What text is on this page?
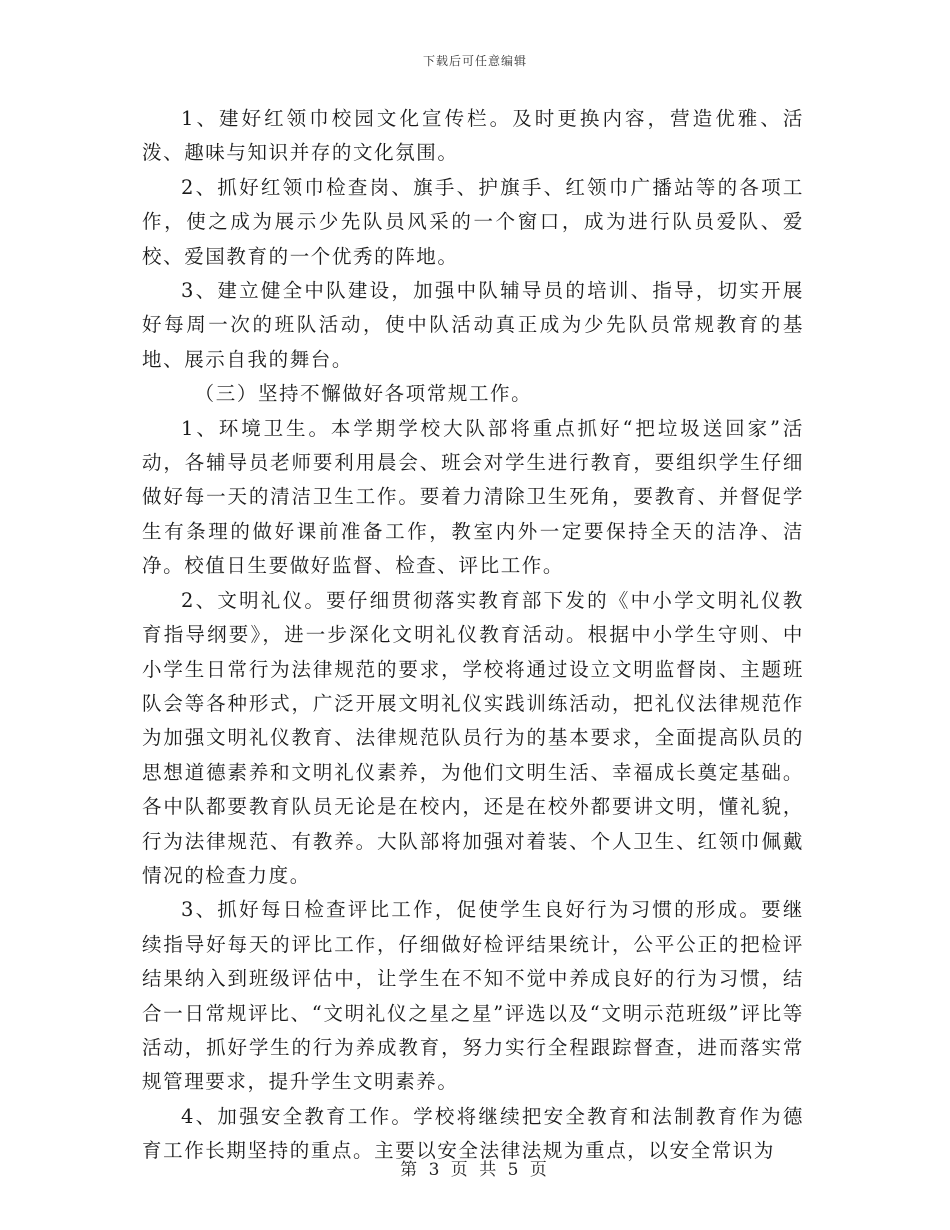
下载后可任意编辑

1、建好红领巾校园文化宣传栏。及时更换内容，营造优雅、活泼、趣味与知识并存的文化氛围。

2、抓好红领巾检查岗、旗手、护旗手、红领巾广播站等的各项工作，使之成为展示少先队员风采的一个窗口，成为进行队员爱队、爱校、爱国教育的一个优秀的阵地。

3、建立健全中队建设，加强中队辅导员的培训、指导，切实开展好每周一次的班队活动，使中队活动真正成为少先队员常规教育的基地、展示自我的舞台。

（三）坚持不懈做好各项常规工作。

1、环境卫生。本学期学校大队部将重点抓好“把垃圾送回家”活动，各辅导员老师要利用晨会、班会对学生进行教育，要组织学生仔细做好每一天的清洁卫生工作。要着力清除卫生死角，要教育、并督促学生有条理的做好课前准备工作，教室内外一定要保持全天的洁净、洁净。校值日生要做好监督、检查、评比工作。

2、文明礼仪。要仔细贯彻落实教育部下发的《中小学文明礼仪教育指导纲要》，进一步深化文明礼仪教育活动。根据中小学生守则、中小学生日常行为法律规范的要求，学校将通过设立文明监督岗、主题班队会等各种形式，广泛开展文明礼仪实践训练活动，把礼仪法律规范作为加强文明礼仪教育、法律规范队员行为的基本要求，全面提高队员的思想道德素养和文明礼仪素养，为他们文明生活、幸福成长奠定基础。各中队都要教育队员无论是在校内，还是在校外都要讲文明，懂礼貌，行为法律规范、有教养。大队部将加强对着装、个人卫生、红领巾佩戴情况的检查力度。

3、抓好每日检查评比工作，促使学生良好行为习惯的形成。要继续指导好每天的评比工作，仔细做好检评结果统计，公平公正的把检评结果纳入到班级评估中，让学生在不知不觉中养成良好的行为习惯，结合一日常规评比、“文明礼仪之星之星”评选以及“文明示范班级”评比等活动，抓好学生的行为养成教育，努力实行全程跟踪督查，进而落实常规管理要求，提升学生文明素养。

4、加强安全教育工作。学校将继续把安全教育和法制教育作为德育工作长期坚持的重点。主要以安全法律法规为重点，以安全常识为

第 3 页 共 5 页
